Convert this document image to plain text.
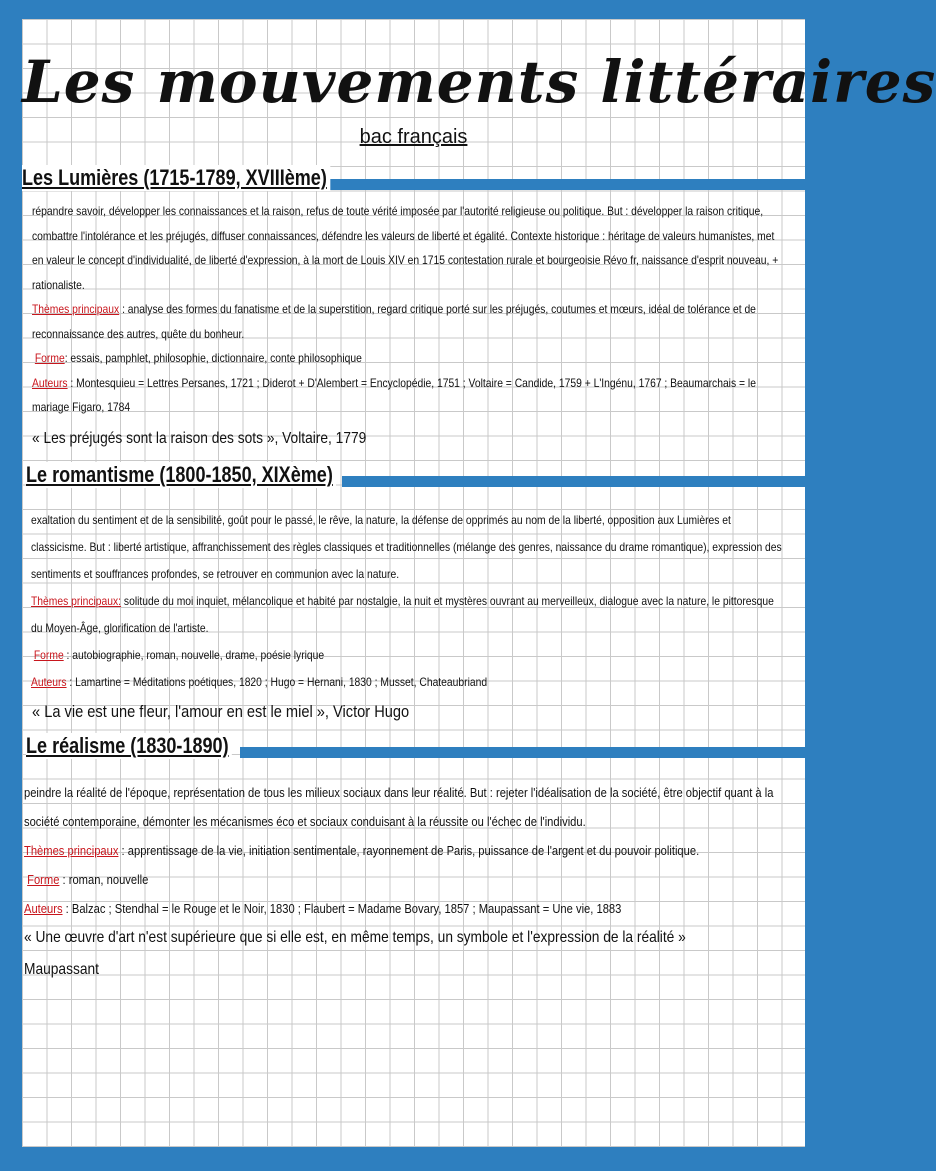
Les mouvements littéraires
bac français
Les Lumières (1715-1789, XVIIIème)

répandre savoir, développer les connaissances et la raison, refus de toute vérité imposée par l'autorité religieuse ou politique. But : développer la raison critique, combattre l'intolérance et les préjugés, diffuser connaissances, défendre les valeurs de liberté et égalité. Contexte historique : héritage de valeurs humanistes, met en valeur le concept d'individualité, de liberté d'expression, à la mort de Louis XIV en 1715 contestation rurale et bourgeoisie Révo fr, naissance d'esprit nouveau, + rationaliste.

Thèmes principaux : analyse des formes du fanatisme et de la superstition, regard critique porté sur les préjugés, coutumes et mœurs, idéal de tolérance et de reconnaissance des autres, quête du bonheur.

Forme: essais, pamphlet, philosophie, dictionnaire, conte philosophique

Auteurs : Montesquieu = Lettres Persanes, 1721 ; Diderot + D'Alembert = Encyclopédie, 1751 ; Voltaire = Candide, 1759 + L'Ingénu, 1767 ; Beaumarchais = le mariage Figaro, 1784

« Les préjugés sont la raison des sots », Voltaire, 1779
Le romantisme (1800-1850, XIXème)

exaltation du sentiment et de la sensibilité, goût pour le passé, le rêve, la nature, la défense de opprimés au nom de la liberté, opposition aux Lumières et classicisme. But : liberté artistique, affranchissement des règles classiques et traditionnelles (mélange des genres, naissance du drame romantique), expression des sentiments et souffrances profondes, se retrouver en communion avec la nature.

Thèmes principaux: solitude du moi inquiet, mélancolique et habité par nostalgie, la nuit et mystères ouvrant au merveilleux, dialogue avec la nature, le pittoresque du Moyen-Âge, glorification de l'artiste.

Forme : autobiographie, roman, nouvelle, drame, poésie lyrique

Auteurs : Lamartine = Méditations poétiques, 1820 ; Hugo = Hernani, 1830 ; Musset, Chateaubriand

« La vie est une fleur, l'amour en est le miel », Victor Hugo
Le réalisme (1830-1890)

peindre la réalité de l'époque, représentation de tous les milieux sociaux dans leur réalité. But : rejeter l'idéalisation de la société, être objectif quant à la société contemporaine, démonter les mécanismes éco et sociaux conduisant à la réussite ou l'échec de l'individu.

Thèmes principaux : apprentissage de la vie, initiation sentimentale, rayonnement de Paris, puissance de l'argent et du pouvoir politique.

Forme : roman, nouvelle

Auteurs : Balzac ; Stendhal = le Rouge et le Noir, 1830 ; Flaubert = Madame Bovary, 1857 ; Maupassant = Une vie, 1883

« Une œuvre d'art n'est supérieure que si elle est, en même temps, un symbole et l'expression de la réalité »
Maupassant
